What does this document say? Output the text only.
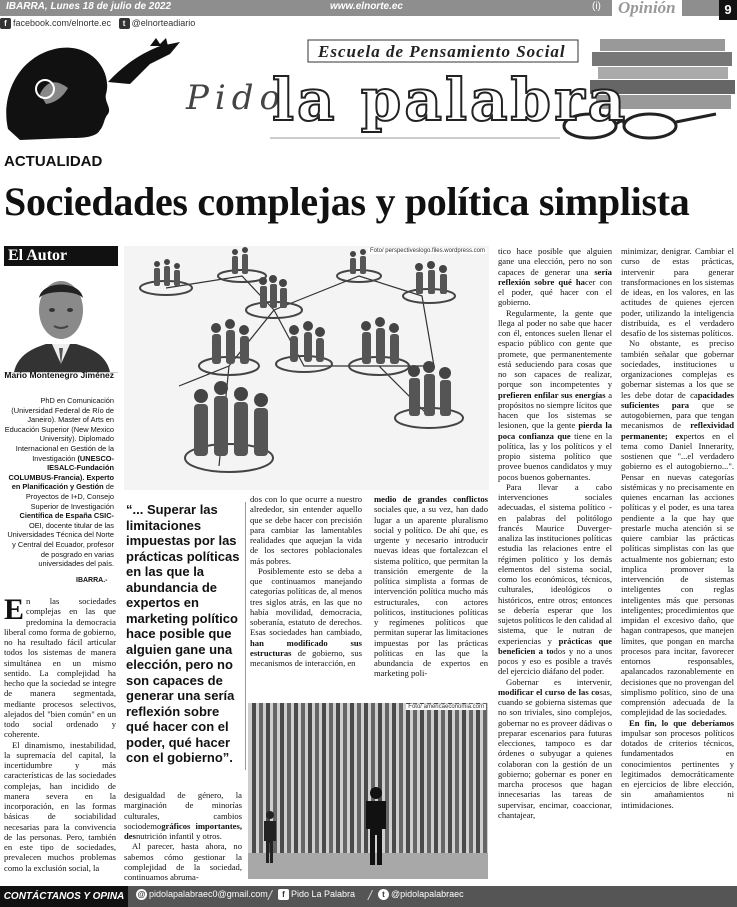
IBARRA, Lunes 18 de julio de 2022	www.elnorte.ec	(i)	Opinión	9
f facebook.com/elnorte.ec t @elnorteadiario
Escuela de Pensamiento Social
Pido
la palabra
ACTUALIDAD
Sociedades complejas y política simplista
El Autor
Mario Montenegro Jiménez
PhD en Comunicación (Universidad Federal de Río de Janeiro). Master of Arts en Educación Superior (New Mexico University). Diplomado Internacional en Gestión de la Investigación (UNESCO-IESALC-Fundación COLUMBUS-Francia). Experto en Planificación y Gestión de Proyectos de I+D, Consejo Superior de Investigación Científica de España CSIC- OEI, docente titular de las Universidades Técnica del Norte y Central del Ecuador, profesor de posgrado en varias universidades del país.
IBARRA.-

En las sociedades complejas en las que predomina la democracia liberal como forma de gobierno, no ha resultado fácil articular todos los sistemas de manera simultánea en un mismo sentido. La complejidad ha hecho que la sociedad se integre de manera segmentada, mediante procesos selectivos, alejados del "bien común" en un todo social ordenado y coherente.

El dinamismo, inestabilidad, la supremacía del capital, la incertidumbre y más características de las sociedades complejas, han incidido de manera severa en la incorporación, en las formas básicas de sociabilidad necesarias para la convivencia de las personas. Pero, también en este tipo de sociedades, prevalecen muchos problemas como la exclusión social, la

“... Superar las limitaciones impuestas por las prácticas políticas en las que la abundancia de expertos en marketing político hace posible que alguien gane una elección, pero no son capaces de generar una sería reflexión sobre qué hacer con el poder, qué hacer con el gobierno”.
Foto/ perspectiveslogo.files.wordpress.com

dos con lo que ocurre a nuestro alrededor, sin entender aquello que se debe hacer con precisión para cambiar las lamentables realidades que aquejan la vida de los sectores poblacionales más pobres.

Posiblemente esto se deba a que continuamos manejando categorías políticas de, al menos tres siglos atrás, en las que no había movilidad, democracia, soberanía, estatuto de derechos. Esas sociedades han cambiado, han modificado sus estructuras de gobierno, sus mecanismos de interacción, en

desigualdad de género, la marginación de minorías culturales, cambios sociodemográficos importantes, desnutrición infantil y otros.

Al parecer, hasta ahora, no sabemos cómo gestionar la complejidad de la sociedad, continuamos abruma-

medio de grandes conflictos sociales que, a su vez, han dado lugar a un aparente pluralismo social y político. De ahí que, es urgente y necesario introducir nuevas ideas que fortalezcan el sistema político, que permitan la transición emergente de la política simplista a formas de intervención política mucho más estructurales, con actores políticos, instituciones políticas y regímenes políticos que permitan superar las limitaciones impuestas por las prácticas políticas en las que la abundancia de expertos en marketing poli-

Foto/ americaeconomia.com

tico hace posible que alguien gane una elección, pero no son capaces de generar una sería reflexión sobre qué hacer con el poder, qué hacer con el gobierno.

Regularmente, la gente que llega al poder no sabe que hacer con él, entonces suelen llenar el espacio público con gente que promete, que permanentemente está seduciendo para cosas que no son capaces de realizar, porque son incompetentes y prefieren enfilar sus energías a propósitos no siempre lícitos que hacen que los sistemas se lesionen, que la gente pierda la poca confianza que tiene en la política, las y los políticos y el propio sistema político que provee buenos candidatos y muy pocos buenos gobernantes.

Para llevar a cabo intervenciones sociales adecuadas, el sistema político -en palabras del politólogo francés Maurice Duverger- analiza las instituciones políticas estudia las relaciones entre el régimen político y los demás elementos del sistema social, como los económicos, técnicos, culturales, ideológicos o históricos, entre otros; entonces se debería esperar que los sujetos políticos le den calidad al sistema, que le nutran de experiencias y prácticas que beneficien a todos y no a unos pocos y eso es posible a través del ejercicio diáfano del poder.

Gobernar es intervenir, modificar el curso de las cosas, cuando se gobierna sistemas que no son triviales, sino complejos, gobernar no es proveer dádivas o preparar escenarios para futuras elecciones, tampoco es dar órdenes o subyugar a quienes colaboran con la gestión de un gobierno; gobernar es poner en marcha procesos que hagan innecesarias las tareas de supervisar, encimar, coaccionar, chantajear,

minimizar, denigrar. Cambiar el curso de estas prácticas, intervenir para generar transformaciones en los sistemas de ideas, en los valores, en las actitudes de quienes ejercen poder, utilizando la inteligencia distribuida, es el verdadero desafío de los sistemas políticos.

No obstante, es preciso también señalar que gobernar sociedades, instituciones u organizaciones complejas es gobernar sistemas a los que se les debe dotar de capacidades suficientes para que se autogobiernen, para que tengan mecanismos de reflexividad permanente; expertos en el tema como Daniel Innerarity, sostienen que "...el verdadero gobierno es el autogobierno...". Pensar en nuevas categorías sistémicas y no precisamente en quienes encarnan las acciones políticas y el poder, es una tarea pendiente a la que hay que prestarle mucha atención si se quiere cambiar las prácticas políticas simplistas con las que actualmente nos gobiernan; esto implica promover la intervención de sistemas inteligentes con reglas inteligentes más que personas inteligentes; procedimientos que impidan el excesivo daño, que hagan contrapesos, que manejen límites, que pongan en marcha procesos para incitar, favorecer entornos responsables, apalancados razonablemente en decisiones que no provengan del simplismo político, sino de una comprensión adecuada de la complejidad de las sociedades.

En fin, lo que deberíamos impulsar son procesos políticos dotados de criterios técnicos, fundamentados en conocimientos pertinentes y legitimados democráticamente en ejercicios de libre elección, sin amañamientos ni intimidaciones.

CONTÁCTANOS Y OPINA	@ pidolapalabraec0@gmail.com /	f Pido La Palabra /	t @pidolapalabraec
